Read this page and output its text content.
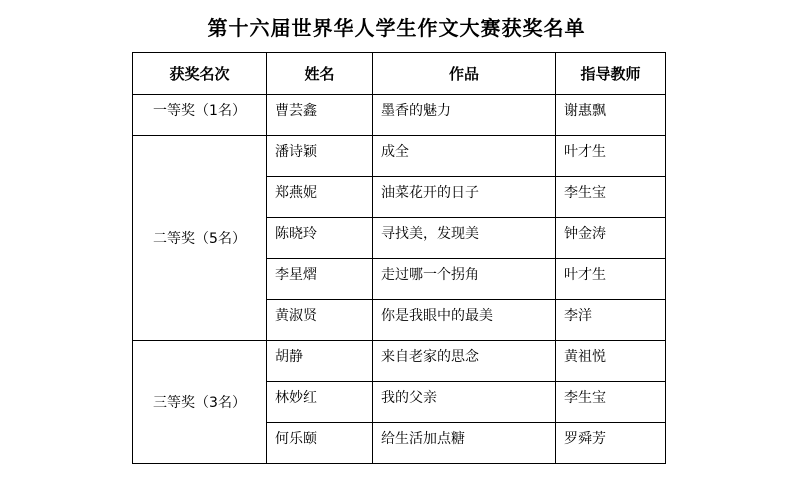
第十六届世界华人学生作文大赛获奖名单
获奖名次	姓名	作品	指导教师
一等奖（1名）	曹芸鑫	墨香的魅力	谢惠飘
二等奖（5名）	潘诗颖	成全	叶才生
	郑燕妮	油菜花开的日子	李生宝
	陈晓玲	寻找美，发现美	钟金涛
	李星熠	走过哪一个拐角	叶才生
	黄淑贤	你是我眼中的最美	李洋
三等奖（3名）	胡静	来自老家的思念	黄祖悦
	林妙红	我的父亲	李生宝
	何乐颐	给生活加点糖	罗舜芳
